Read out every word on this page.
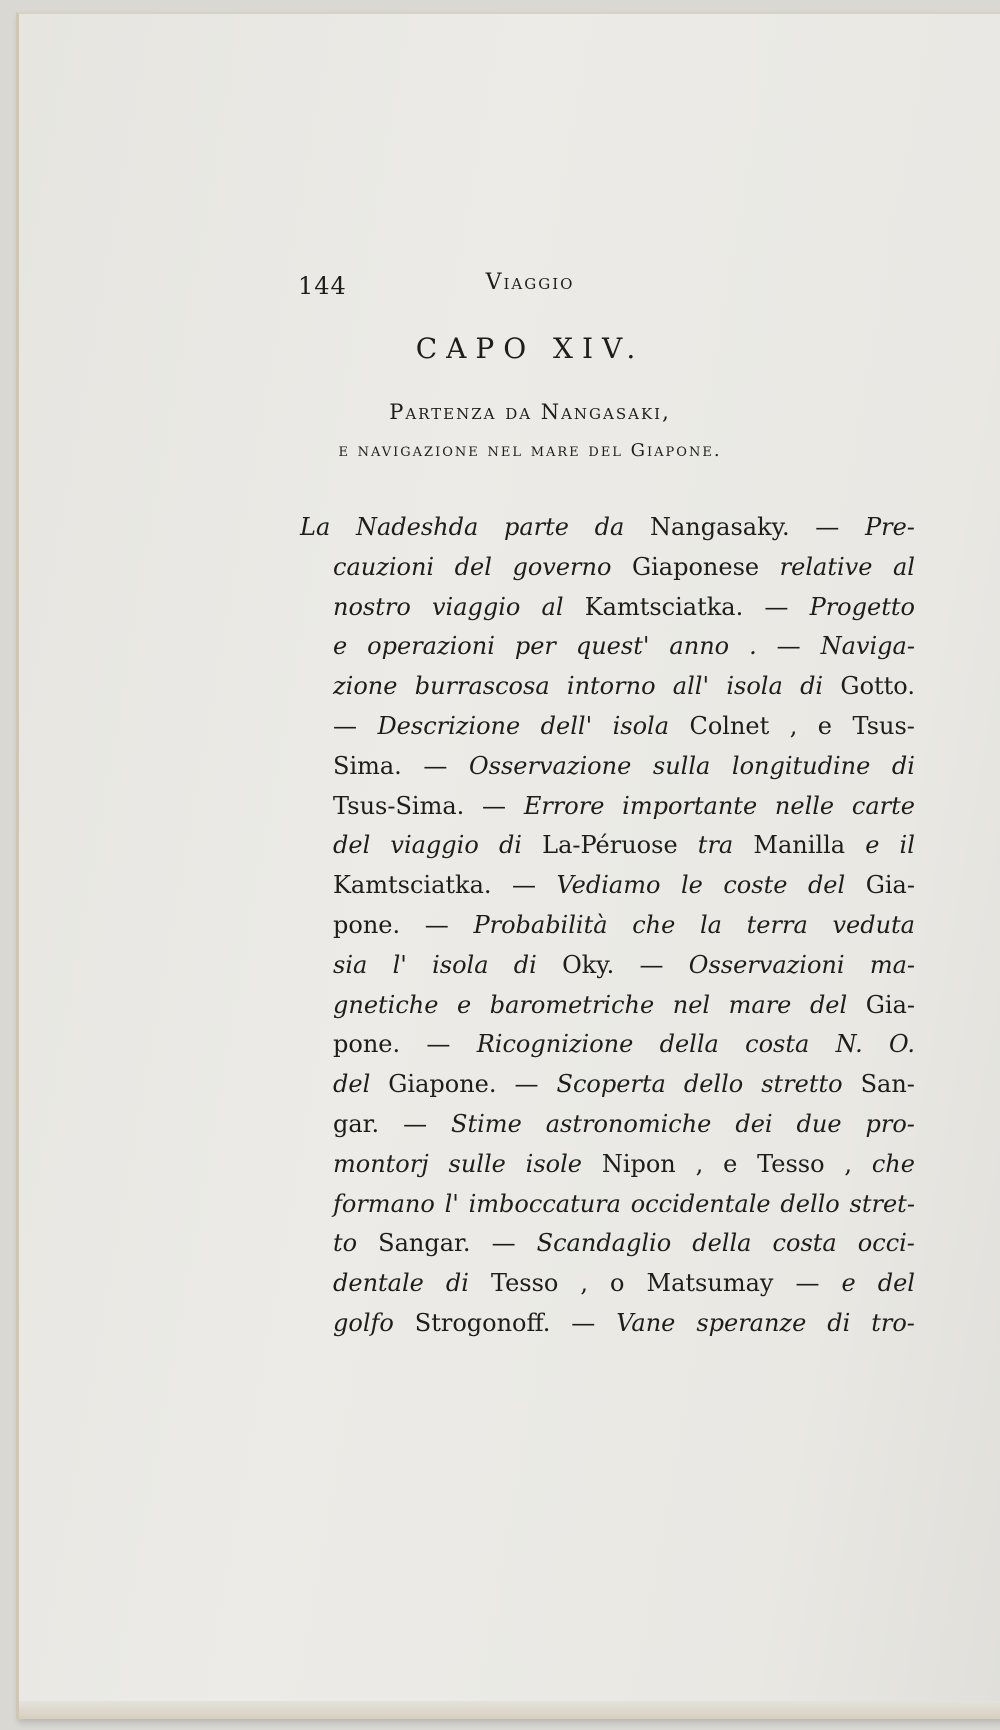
144	Viaggio
CAPO XIV.
Partenza da Nangasaki,
e navigazione nel mare del Giapone.
La Nadeshda parte da Nangasaky. — Pre-
cauzioni del governo Giaponese relative al
nostro viaggio al Kamtsciatka. — Progetto
e operazioni per quest' anno . — Naviga-
zione burrascosa intorno all' isola di Gotto.
— Descrizione dell' isola Colnet , e Tsus-
Sima. — Osservazione sulla longitudine di
Tsus-Sima. — Errore importante nelle carte
del viaggio di La-Péruose tra Manilla e il
Kamtsciatka. — Vediamo le coste del Gia-
pone. — Probabilità che la terra veduta
sia l' isola di Oky. — Osservazioni ma-
gnetiche e barometriche nel mare del Gia-
pone. — Ricognizione della costa N. O.
del Giapone. — Scoperta dello stretto San-
gar. — Stime astronomiche dei due pro-
montorj sulle isole Nipon , e Tesso , che
formano l' imboccatura occidentale dello stret-
to Sangar. — Scandaglio della costa occi-
dentale di Tesso , o Matsumay — e del
golfo Strogonoff. — Vane speranze di tro-
